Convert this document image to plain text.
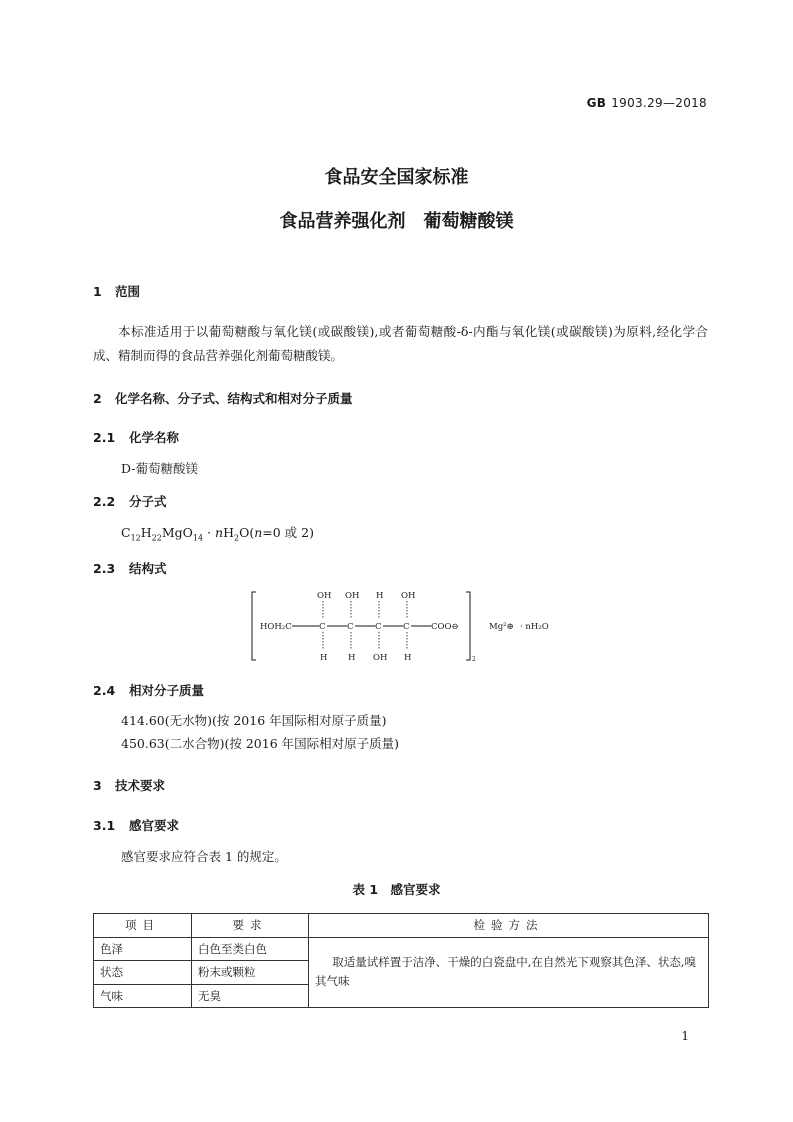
GB 1903.29—2018
食品安全国家标准
食品营养强化剂　葡萄糖酸镁
1 范围
本标准适用于以葡萄糖酸与氧化镁(或碳酸镁),或者葡萄糖酸-δ-内酯与氧化镁(或碳酸镁)为原料,经化学合成、精制而得的食品营养强化剂葡萄糖酸镁。
2 化学名称、分子式、结构式和相对分子质量
2.1 化学名称
D-葡萄糖酸镁
2.2 分子式
$C_{12}H_{22}MgO_{14} \cdot nH_2O(n=0$ 或 2)
2.3 结构式
HOH₂C	C	C	C	C	COO⊖
OH OH H OH
H H OH H	2
Mg²⊕ · nH₂O
2.4 相对分子质量
414.60(无水物)(按 2016 年国际相对原子质量)
450.63(二水合物)(按 2016 年国际相对原子质量)
3 技术要求
3.1 感官要求
感官要求应符合表 1 的规定。
表 1　感官要求
项目	要求	检验方法
色泽	白色至类白色	取适量试样置于洁净、干燥的白瓷盘中,在自然光下观察其色泽、状态,嗅其气味
状态	粉末或颗粒	
气味	无臭	
1
